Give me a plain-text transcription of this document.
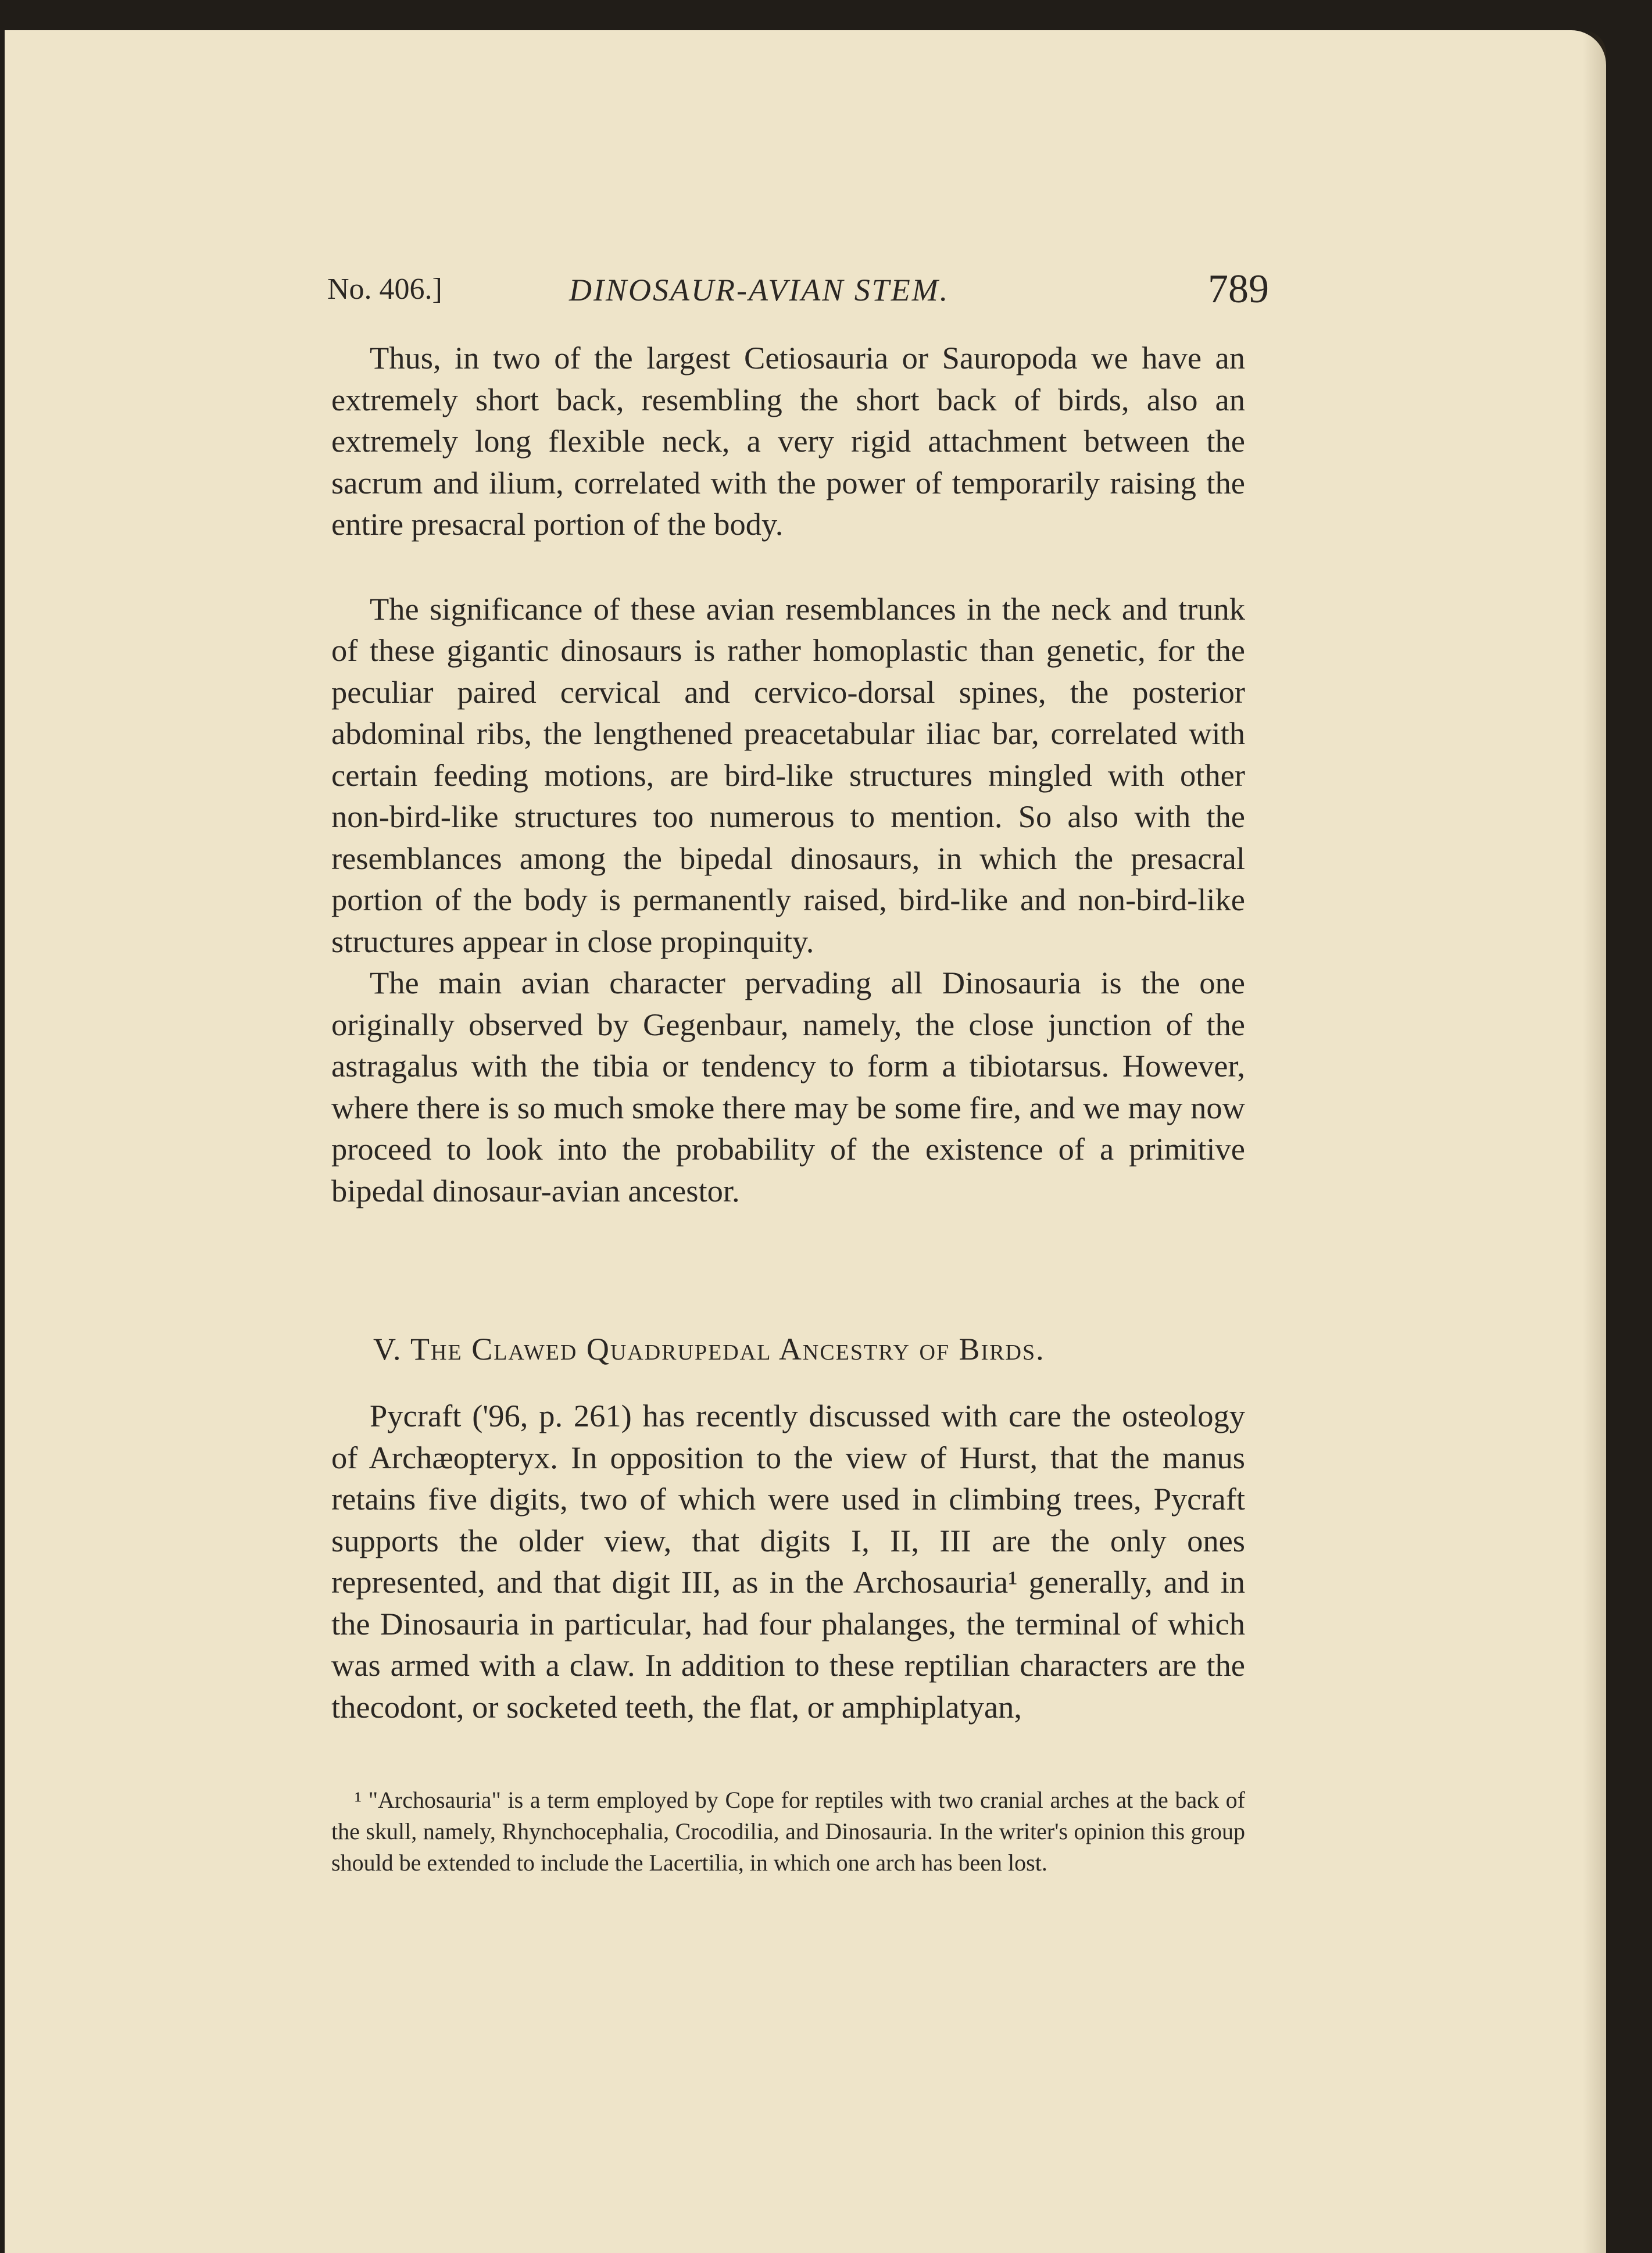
No. 406.]	DINOSAUR-AVIAN STEM.	789

Thus, in two of the largest Cetiosauria or Sauropoda we have an extremely short back, resembling the short back of birds, also an extremely long flexible neck, a very rigid attachment between the sacrum and ilium, correlated with the power of temporarily raising the entire presacral portion of the body.

The significance of these avian resemblances in the neck and trunk of these gigantic dinosaurs is rather homoplastic than genetic, for the peculiar paired cervical and cervico-dorsal spines, the posterior abdominal ribs, the lengthened preacetabular iliac bar, correlated with certain feeding motions, are bird-like structures mingled with other non-bird-like structures too numerous to mention. So also with the resemblances among the bipedal dinosaurs, in which the presacral portion of the body is permanently raised, bird-like and non-bird-like structures appear in close propinquity.

The main avian character pervading all Dinosauria is the one originally observed by Gegenbaur, namely, the close junction of the astragalus with the tibia or tendency to form a tibiotarsus. However, where there is so much smoke there may be some fire, and we may now proceed to look into the probability of the existence of a primitive bipedal dinosaur-avian ancestor.

V. The Clawed Quadrupedal Ancestry of Birds.

Pycraft ('96, p. 261) has recently discussed with care the osteology of Archæopteryx. In opposition to the view of Hurst, that the manus retains five digits, two of which were used in climbing trees, Pycraft supports the older view, that digits I, II, III are the only ones represented, and that digit III, as in the Archosauria¹ generally, and in the Dinosauria in particular, had four phalanges, the terminal of which was armed with a claw. In addition to these reptilian characters are the thecodont, or socketed teeth, the flat, or amphiplatyan,

¹ "Archosauria" is a term employed by Cope for reptiles with two cranial arches at the back of the skull, namely, Rhynchocephalia, Crocodilia, and Dinosauria. In the writer's opinion this group should be extended to include the Lacertilia, in which one arch has been lost.
